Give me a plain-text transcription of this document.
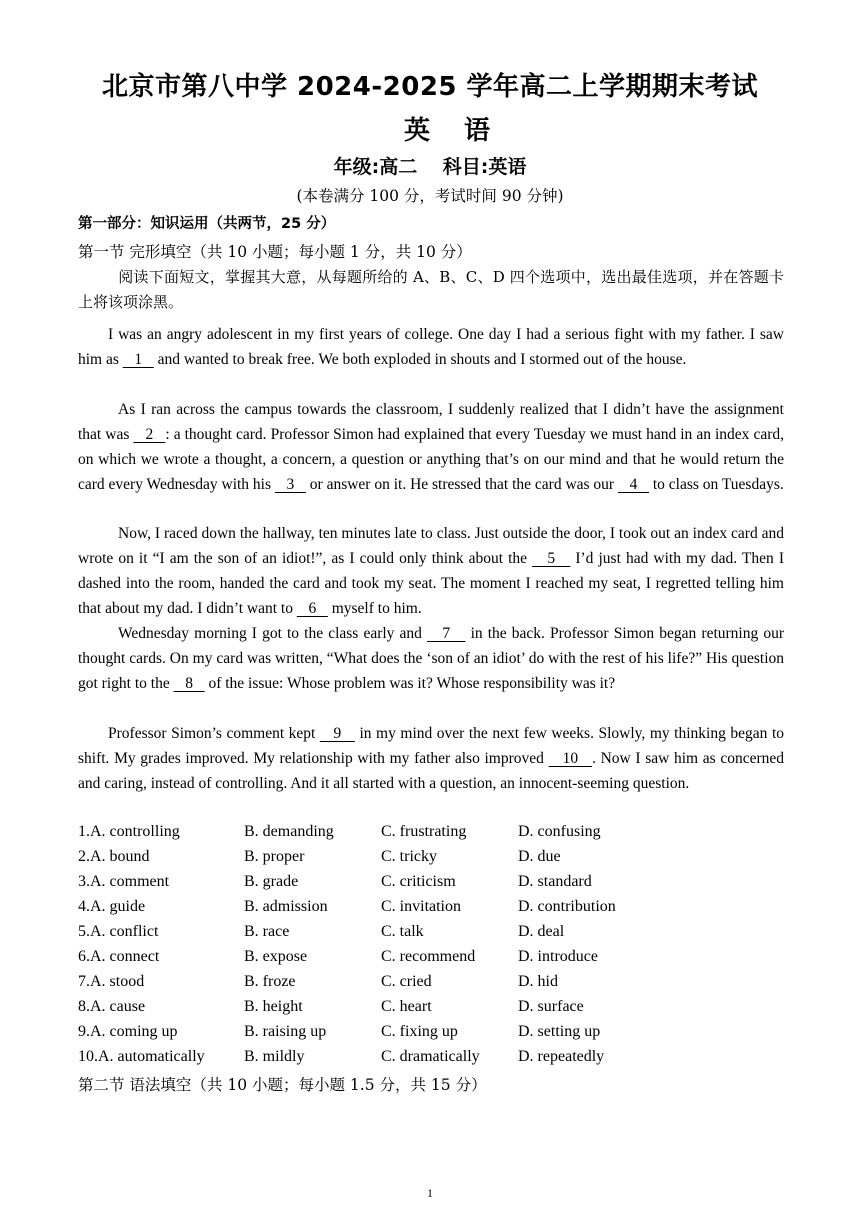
北京市第八中学 2024-2025 学年高二上学期期末考试
英语
年级:高二　 科目:英语
(本卷满分 100 分，考试时间 90 分钟)
第一部分：知识运用（共两节，25 分）
第一节 完形填空（共 10 小题；每小题 1 分，共 10 分）
阅读下面短文，掌握其大意，从每题所给的 A、B、C、D 四个选项中，选出最佳选项，并在答题卡上将该项涂黑。
I was an angry adolescent in my first years of college. One day I had a serious fight with my father. I saw him as    1    and wanted to break free. We both exploded in shouts and I stormed out of the house.
As I ran across the campus towards the classroom, I suddenly realized that I didn’t have the assignment that was    2   : a thought card. Professor Simon had explained that every Tuesday we must hand in an index card, on which we wrote a thought, a concern, a question or anything that’s on our mind and that he would return the card every Wednesday with his    3    or answer on it. He stressed that the card was our    4    to class on Tuesdays.
Now, I raced down the hallway, ten minutes late to class. Just outside the door, I took out an index card and wrote on it “I am the son of an idiot!”, as I could only think about the    5    I’d just had with my dad. Then I dashed into the room, handed the card and took my seat. The moment I reached my seat, I regretted telling him that about my dad. I didn’t want to    6    myself to him.
Wednesday morning I got to the class early and    7    in the back. Professor Simon began returning our thought cards. On my card was written, “What does the ‘son of an idiot’ do with the rest of his life?” His question got right to the    8    of the issue: Whose problem was it? Whose responsibility was it?
Professor Simon’s comment kept    9    in my mind over the next few weeks. Slowly, my thinking began to shift. My grades improved. My relationship with my father also improved    10   . Now I saw him as concerned and caring, instead of controlling. And it all started with a question, an innocent-seeming question.
1.A. controlling	B. demanding	C. frustrating	D. confusing
2.A. bound	B. proper	C. tricky	D. due
3.A. comment	B. grade	C. criticism	D. standard
4.A. guide	B. admission	C. invitation	D. contribution
5.A. conflict	B. race	C. talk	D. deal
6.A. connect	B. expose	C. recommend	D. introduce
7.A. stood	B. froze	C. cried	D. hid
8.A. cause	B. height	C. heart	D. surface
9.A. coming up	B. raising up	C. fixing up	D. setting up
10.A. automatically B. mildly	C. dramatically D. repeatedly
第二节 语法填空（共 10 小题；每小题 1.5 分，共 15 分）
1
